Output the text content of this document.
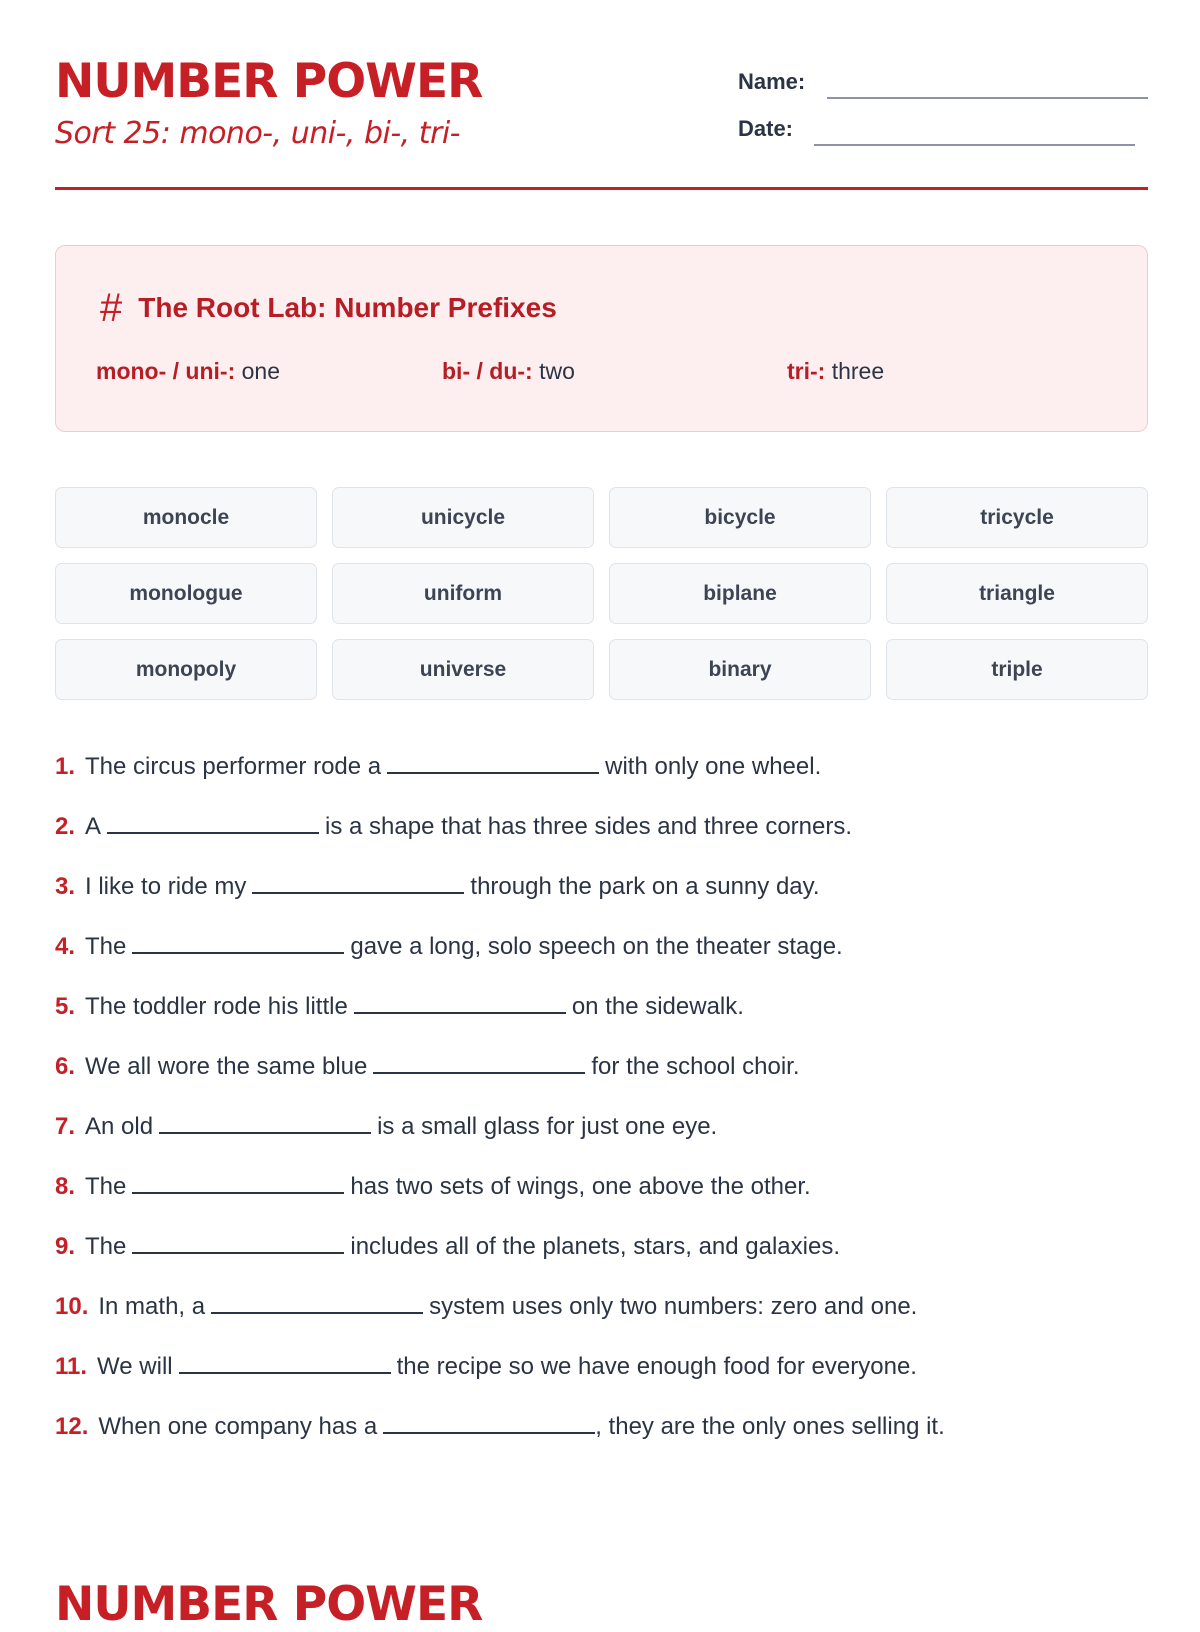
NUMBER POWER
Sort 25: mono-, uni-, bi-, tri-
Name:
Date:
# The Root Lab: Number Prefixes
mono- / uni-: one	bi- / du-: two	tri-: three
monocle	unicycle	bicycle	tricycle
monologue	uniform	biplane	triangle
monopoly	universe	binary	triple
1. The circus performer rode a	with only one wheel.
2. A	is a shape that has three sides and three corners.
3. I like to ride my	through the park on a sunny day.
4. The	gave a long, solo speech on the theater stage.
5. The toddler rode his little	on the sidewalk.
6. We all wore the same blue	for the school choir.
7. An old	is a small glass for just one eye.
8. The	has two sets of wings, one above the other.
9. The	includes all of the planets, stars, and galaxies.
10. In math, a	system uses only two numbers: zero and one.
11. We will	the recipe so we have enough food for everyone.
12. When one company has a	, they are the only ones selling it.
NUMBER POWER
